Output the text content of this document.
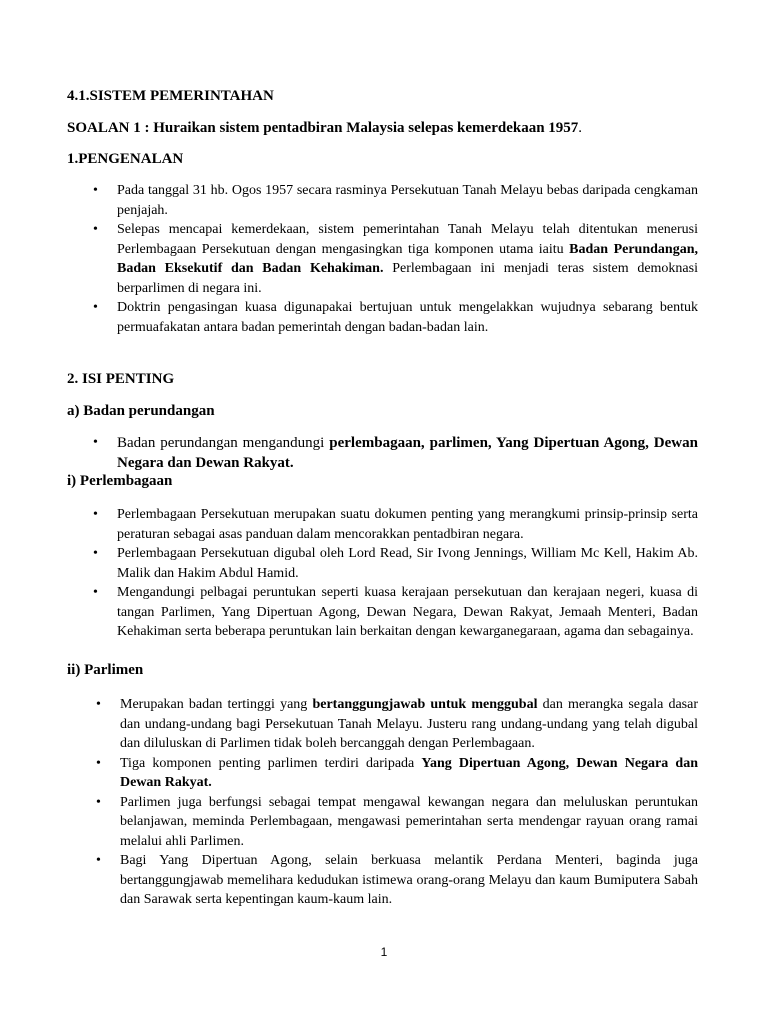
4.1.SISTEM PEMERINTAHAN
SOALAN 1 : Huraikan sistem pentadbiran Malaysia selepas kemerdekaan 1957.
1.PENGENALAN
• Pada tanggal 31 hb. Ogos 1957 secara rasminya Persekutuan Tanah Melayu bebas daripada cengkaman penjajah.
• Selepas mencapai kemerdekaan, sistem pemerintahan Tanah Melayu telah ditentukan menerusi Perlembagaan Persekutuan dengan mengasingkan tiga komponen utama iaitu Badan Perundangan, Badan Eksekutif dan Badan Kehakiman. Perlembagaan ini menjadi teras sistem demoknasi berparlimen di negara ini.
• Doktrin pengasingan kuasa digunapakai bertujuan untuk mengelakkan wujudnya sebarang bentuk permuafakatan antara badan pemerintah dengan badan-badan lain.
2. ISI PENTING
a) Badan perundangan
• Badan perundangan mengandungi perlembagaan, parlimen, Yang Dipertuan Agong, Dewan Negara dan Dewan Rakyat.
i) Perlembagaan
• Perlembagaan Persekutuan merupakan suatu dokumen penting yang merangkumi prinsip-prinsip serta peraturan sebagai asas panduan dalam mencorakkan pentadbiran negara.
• Perlembagaan Persekutuan digubal oleh Lord Read, Sir Ivong Jennings, William Mc Kell, Hakim Ab. Malik dan Hakim Abdul Hamid.
• Mengandungi pelbagai peruntukan seperti kuasa kerajaan persekutuan dan kerajaan negeri, kuasa di tangan Parlimen, Yang Dipertuan Agong, Dewan Negara, Dewan Rakyat, Jemaah Menteri, Badan Kehakiman serta beberapa peruntukan lain berkaitan dengan kewarganegaraan, agama dan sebagainya.
ii) Parlimen
• Merupakan badan tertinggi yang bertanggungjawab untuk menggubal dan merangka segala dasar dan undang-undang bagi Persekutuan Tanah Melayu. Justeru rang undang-undang yang telah digubal dan diluluskan di Parlimen tidak boleh bercanggah dengan Perlembagaan.
• Tiga komponen penting parlimen terdiri daripada Yang Dipertuan Agong, Dewan Negara dan Dewan Rakyat.
• Parlimen juga berfungsi sebagai tempat mengawal kewangan negara dan meluluskan peruntukan belanjawan, meminda Perlembagaan, mengawasi pemerintahan serta mendengar rayuan orang ramai melalui ahli Parlimen.
• Bagi Yang Dipertuan Agong, selain berkuasa melantik Perdana Menteri, baginda juga bertanggungjawab memelihara kedudukan istimewa orang-orang Melayu dan kaum Bumiputera Sabah dan Sarawak serta kepentingan kaum-kaum lain.
1
